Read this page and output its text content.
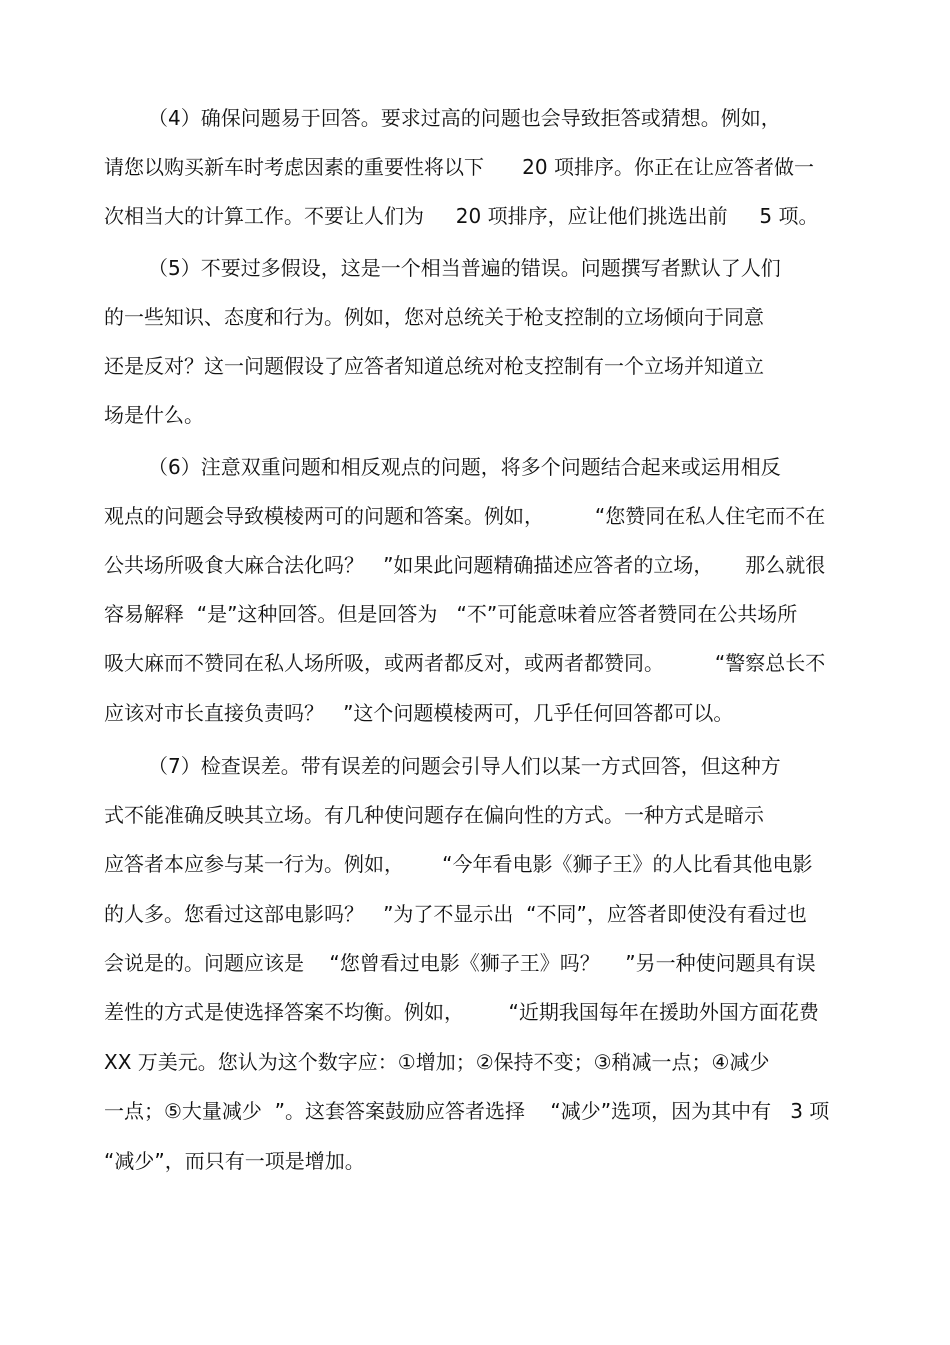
（4）确保问题易于回答。要求过高的问题也会导致拒答或猜想。例如，
请您以购买新车时考虑因素的重要性将以下      20 项排序。你正在让应答者做一
次相当大的计算工作。不要让人们为     20 项排序，应让他们挑选出前     5 项。
（5）不要过多假设，这是一个相当普遍的错误。问题撰写者默认了人们
的一些知识、态度和行为。例如，您对总统关于枪支控制的立场倾向于同意
还是反对？这一问题假设了应答者知道总统对枪支控制有一个立场并知道立
场是什么。
（6）注意双重问题和相反观点的问题，将多个问题结合起来或运用相反
观点的问题会导致模棱两可的问题和答案。例如，        “您赞同在私人住宅而不在
公共场所吸食大麻合法化吗？   ”如果此问题精确描述应答者的立场，     那么就很
容易解释  “是”这种回答。但是回答为   “不”可能意味着应答者赞同在公共场所
吸大麻而不赞同在私人场所吸，或两者都反对，或两者都赞同。        “警察总长不
应该对市长直接负责吗？   ”这个问题模棱两可，几乎任何回答都可以。
（7）检查误差。带有误差的问题会引导人们以某一方式回答，但这种方
式不能准确反映其立场。有几种使问题存在偏向性的方式。一种方式是暗示
应答者本应参与某一行为。例如，      “今年看电影《狮子王》的人比看其他电影
的人多。您看过这部电影吗？   ”为了不显示出  “不同”，应答者即使没有看过也
会说是的。问题应该是    “您曾看过电影《狮子王》吗？    ”另一种使问题具有误
差性的方式是使选择答案不均衡。例如，       “近期我国每年在援助外国方面花费
XX 万美元。您认为这个数字应：①增加；②保持不变；③稍减一点；④减少
一点；⑤大量减少  ”。这套答案鼓励应答者选择    “减少”选项，因为其中有   3 项
“减少”，而只有一项是增加。
